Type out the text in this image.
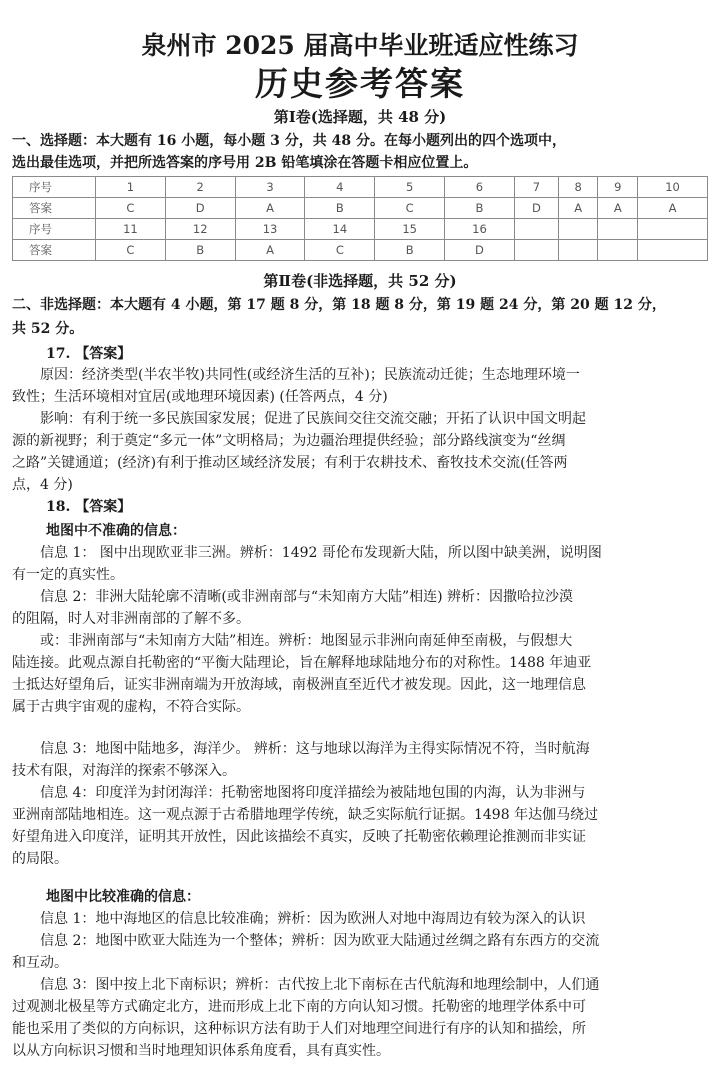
泉州市 2025 届高中毕业班适应性练习
历史参考答案
第Ⅰ卷(选择题，共 48 分)
一、选择题：本大题有 16 小题，每小题 3 分，共 48 分。在每小题列出的四个选项中，
选出最佳选项，并把所选答案的序号用 2B 铅笔填涂在答题卡相应位置上。
序号	1	2	3	4	5	6	7	8	9	10
答案	C	D	A	B	C	B	D	A	A	A
序号	11	12	13	14	15	16				
答案	C	B	A	C	B	D				
第Ⅱ卷(非选择题，共 52 分)
二、非选择题：本大题有 4 小题，第 17 题 8 分，第 18 题 8 分，第 19 题 24 分，第 20 题 12 分，
共 52 分。
17. 【答案】
原因：经济类型(半农半牧)共同性(或经济生活的互补)；民族流动迁徙；生态地理环境一
致性；生活环境相对宜居(或地理环境因素) (任答两点，4 分)
影响：有利于统一多民族国家发展；促进了民族间交往交流交融；开拓了认识中国文明起
源的新视野；利于奠定“多元一体”文明格局；为边疆治理提供经验；部分路线演变为“丝绸
之路”关键通道；(经济)有利于推动区域经济发展；有利于农耕技术、畜牧技术交流(任答两
点，4 分)
18. 【答案】
地图中不准确的信息：
信息 1： 图中出现欧亚非三洲。辨析：1492 哥伦布发现新大陆，所以图中缺美洲，说明图
有一定的真实性。
信息 2：非洲大陆轮廓不清晰(或非洲南部与“未知南方大陆”相连) 辨析：因撒哈拉沙漠
的阻隔，时人对非洲南部的了解不多。
或：非洲南部与“未知南方大陆”相连。辨析：地图显示非洲向南延伸至南极，与假想大
陆连接。此观点源自托勒密的“平衡大陆理论，旨在解释地球陆地分布的对称性。1488 年迪亚
士抵达好望角后，证实非洲南端为开放海域，南极洲直至近代才被发现。因此，这一地理信息
属于古典宇宙观的虚构，不符合实际。
信息 3：地图中陆地多，海洋少。 辨析：这与地球以海洋为主得实际情况不符，当时航海
技术有限，对海洋的探索不够深入。
信息 4：印度洋为封闭海洋：托勒密地图将印度洋描绘为被陆地包围的内海，认为非洲与
亚洲南部陆地相连。这一观点源于古希腊地理学传统，缺乏实际航行证据。1498 年达伽马绕过
好望角进入印度洋，证明其开放性，因此该描绘不真实，反映了托勒密依赖理论推测而非实证
的局限。
地图中比较准确的信息：
信息 1：地中海地区的信息比较准确；辨析：因为欧洲人对地中海周边有较为深入的认识
信息 2：地图中欧亚大陆连为一个整体；辨析：因为欧亚大陆通过丝绸之路有东西方的交流
和互动。
信息 3：图中按上北下南标识；辨析：古代按上北下南标在古代航海和地理绘制中，人们通
过观测北极星等方式确定北方，进而形成上北下南的方向认知习惯。托勒密的地理学体系中可
能也采用了类似的方向标识，这种标识方法有助于人们对地理空间进行有序的认知和描绘，所
以从方向标识习惯和当时地理知识体系角度看，具有真实性。
